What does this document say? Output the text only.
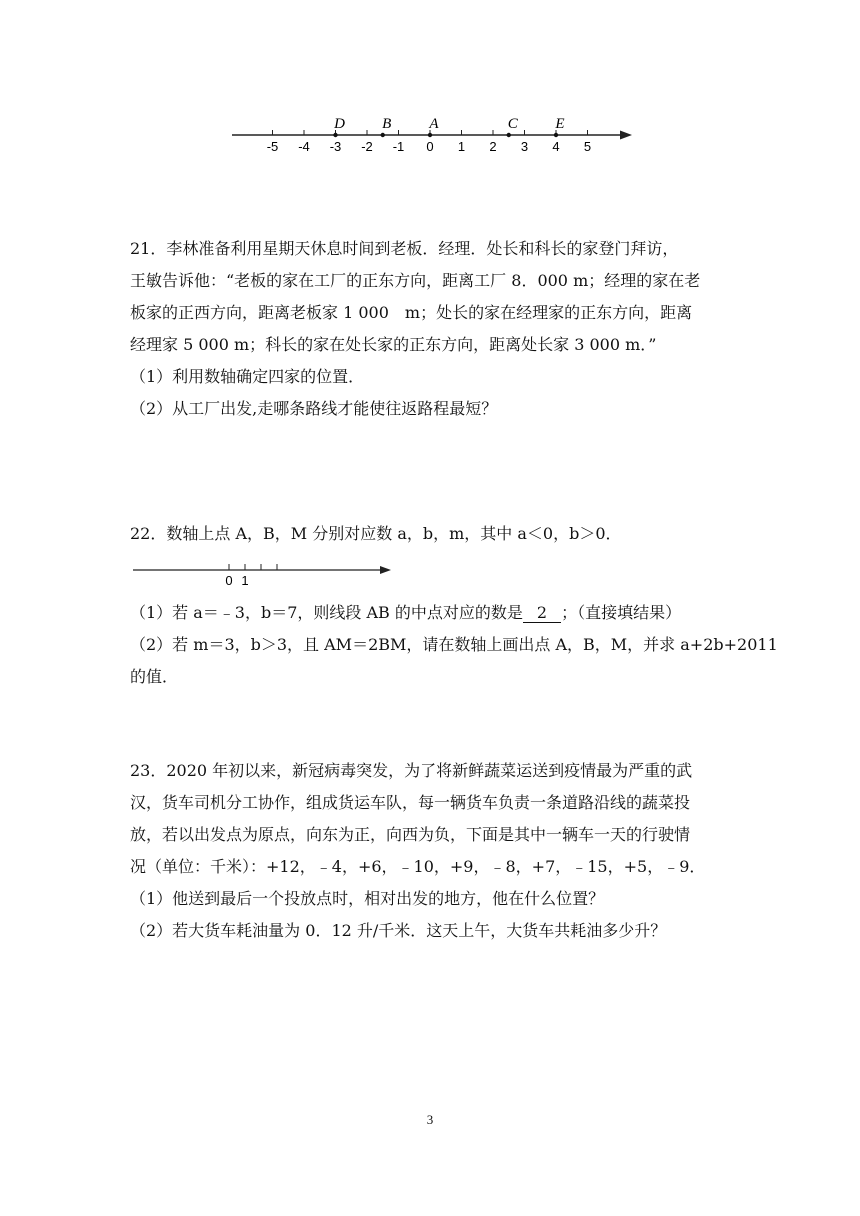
-5 -4 -3 -2 -1 0 1 2 3 4 5
D B	A	C	E
21．李林准备利用星期天休息时间到老板．经理．处长和科长的家登门拜访，
王敏告诉他：“老板的家在工厂的正东方向，距离工厂 8．000 m；经理的家在老
板家的正西方向，距离老板家 1 000　m；处长的家在经理家的正东方向，距离
经理家 5 000 m；科长的家在处长家的正东方向，距离处长家 3 000 m．”
（1）利用数轴确定四家的位置．
（2）从工厂出发,走哪条路线才能使往返路程最短？
22．数轴上点 A，B，M 分别对应数 a，b，m，其中 a＜0，b＞0．
0 1
（1）若 a＝﹣3，b＝7，则线段 AB 的中点对应的数是 2 ；（直接填结果）
（2）若 m＝3，b＞3，且 AM＝2BM，请在数轴上画出点 A，B，M，并求 a+2b+2011
的值．
23．2020 年初以来，新冠病毒突发，为了将新鲜蔬菜运送到疫情最为严重的武
汉，货车司机分工协作，组成货运车队，每一辆货车负责一条道路沿线的蔬菜投
放，若以出发点为原点，向东为正，向西为负，下面是其中一辆车一天的行驶情
况（单位：千米）：+12，﹣4，+6，﹣10，+9，﹣8，+7，﹣15，+5，﹣9．
（1）他送到最后一个投放点时，相对出发的地方，他在什么位置？
（2）若大货车耗油量为 0．12 升/千米．这天上午，大货车共耗油多少升？
3
